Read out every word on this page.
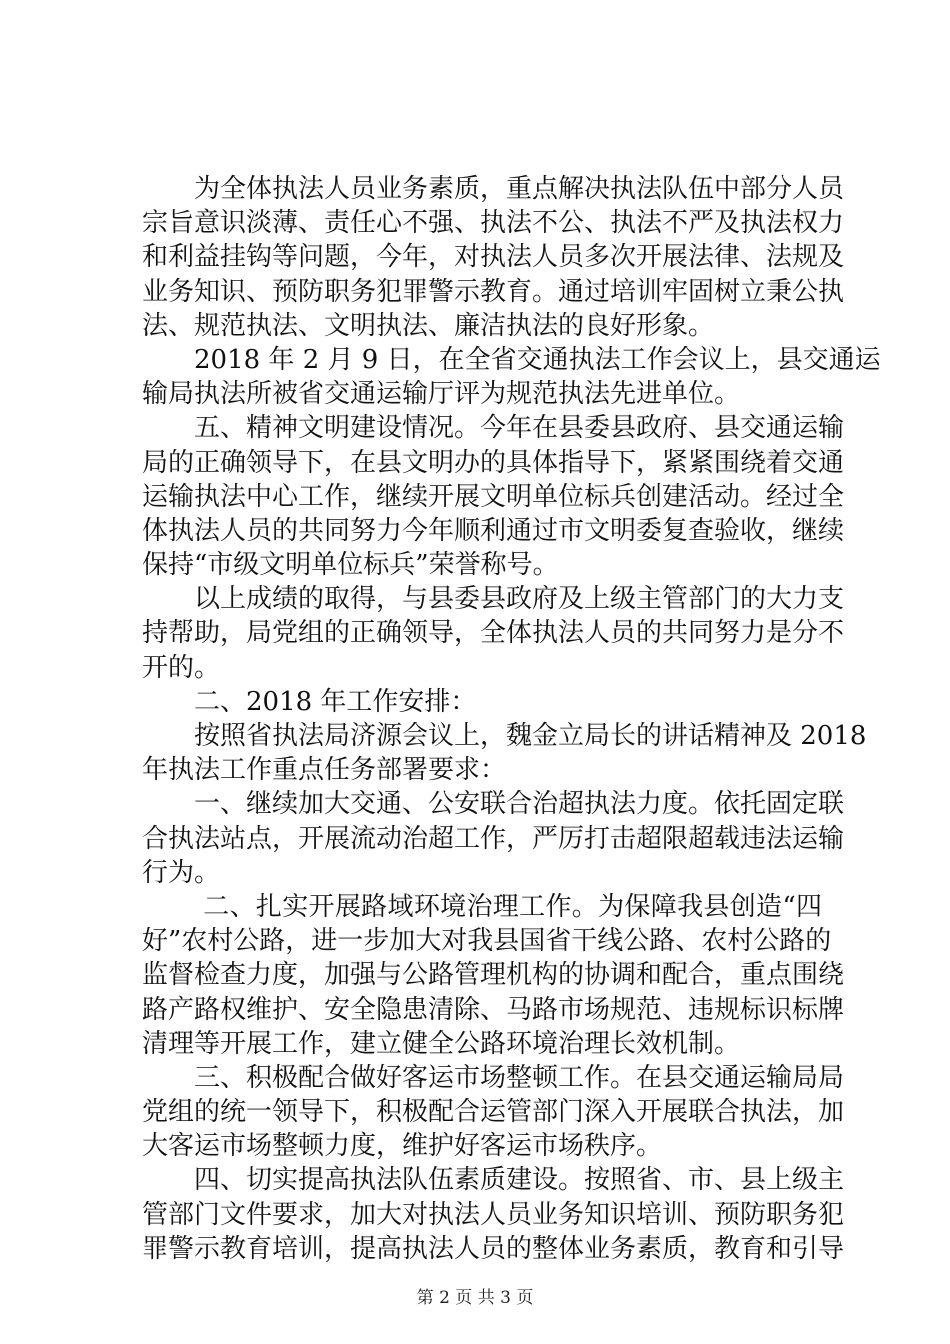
　　为全体执法人员业务素质，重点解决执法队伍中部分人员
宗旨意识淡薄、责任心不强、执法不公、执法不严及执法权力
和利益挂钩等问题，今年，对执法人员多次开展法律、法规及
业务知识、预防职务犯罪警示教育。通过培训牢固树立秉公执
法、规范执法、文明执法、廉洁执法的良好形象。

　　2018 年 2 月 9 日，在全省交通执法工作会议上，县交通运
输局执法所被省交通运输厅评为规范执法先进单位。

　　五、精神文明建设情况。今年在县委县政府、县交通运输
局的正确领导下，在县文明办的具体指导下，紧紧围绕着交通
运输执法中心工作，继续开展文明单位标兵创建活动。经过全
体执法人员的共同努力今年顺利通过市文明委复查验收，继续
保持“市级文明单位标兵”荣誉称号。

　　以上成绩的取得，与县委县政府及上级主管部门的大力支
持帮助，局党组的正确领导，全体执法人员的共同努力是分不
开的。

　　二、2018 年工作安排：

　　按照省执法局济源会议上，魏金立局长的讲话精神及 2018
年执法工作重点任务部署要求：

　　一、继续加大交通、公安联合治超执法力度。依托固定联
合执法站点，开展流动治超工作，严厉打击超限超载违法运输
行为。

　　 二、扎实开展路域环境治理工作。为保障我县创造“四
好”农村公路，进一步加大对我县国省干线公路、农村公路的
监督检查力度，加强与公路管理机构的协调和配合，重点围绕
路产路权维护、安全隐患清除、马路市场规范、违规标识标牌
清理等开展工作，建立健全公路环境治理长效机制。

　　三、积极配合做好客运市场整顿工作。在县交通运输局局
党组的统一领导下，积极配合运管部门深入开展联合执法，加
大客运市场整顿力度，维护好客运市场秩序。

　　四、切实提高执法队伍素质建设。按照省、市、县上级主
管部门文件要求，加大对执法人员业务知识培训、预防职务犯
罪警示教育培训，提高执法人员的整体业务素质，教育和引导

第 2 页 共 3 页
